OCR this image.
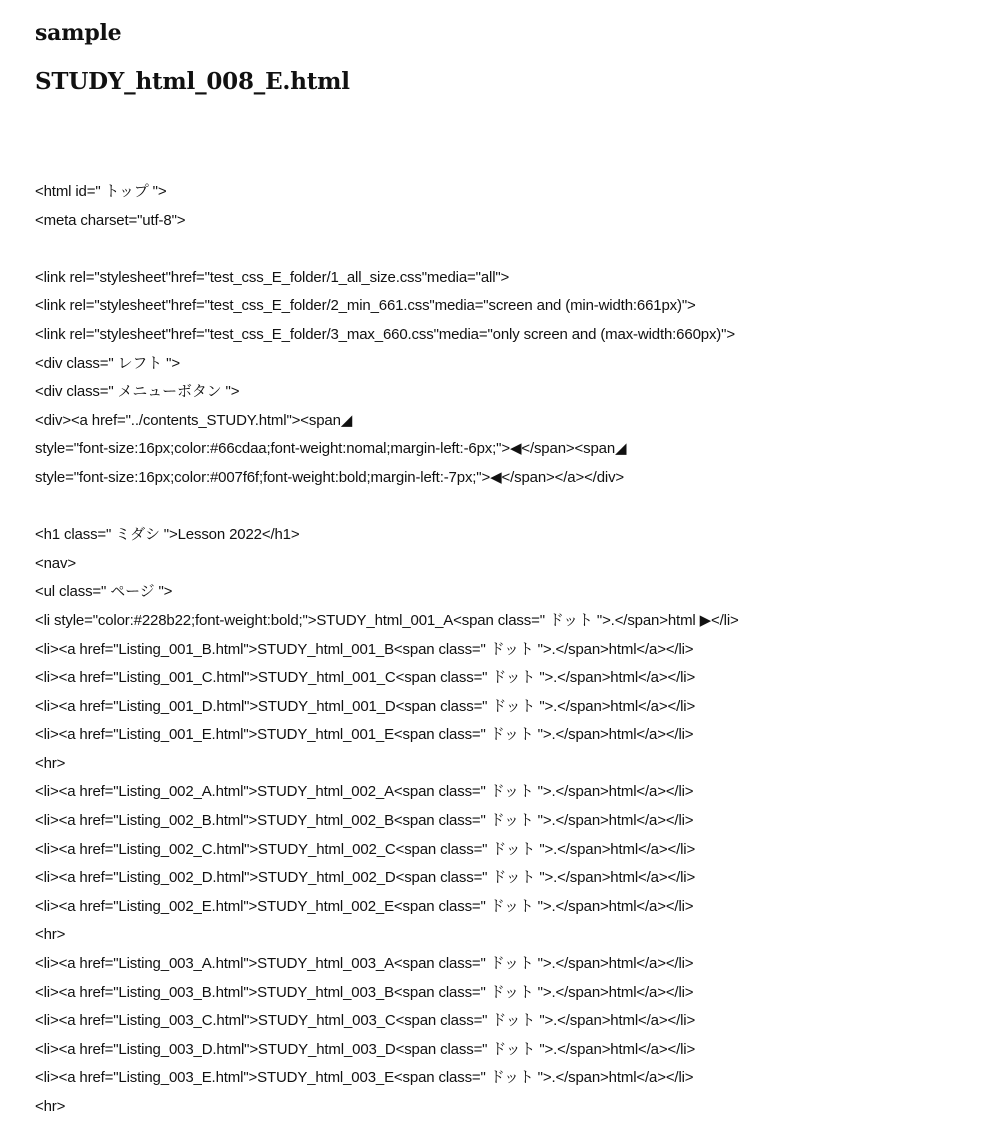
sample
STUDY_html_008_E.html
<html id=" トップ ">
<meta charset="utf-8">
<link rel="stylesheet"href="test_css_E_folder/1_all_size.css"media="all">
<link rel="stylesheet"href="test_css_E_folder/2_min_661.css"media="screen and (min-width:661px)">
<link rel="stylesheet"href="test_css_E_folder/3_max_660.css"media="only screen and (max-width:660px)">
<div class=" レフト ">
<div class=" メニューボタン ">
<div><a href="../contents_STUDY.html"><span◢
style="font-size:16px;color:#66cdaa;font-weight:nomal;margin-left:-6px;">◀</span><span◢
style="font-size:16px;color:#007f6f;font-weight:bold;margin-left:-7px;">◀</span></a></div>
<h1 class=" ミダシ ">Lesson 2022</h1>
<nav>
<ul class=" ページ ">
<li style="color:#228b22;font-weight:bold;">STUDY_html_001_A<span class=" ドット ">.</span>html ▶</li>
<li><a href="Listing_001_B.html">STUDY_html_001_B<span class=" ドット ">.</span>html</a></li>
<li><a href="Listing_001_C.html">STUDY_html_001_C<span class=" ドット ">.</span>html</a></li>
<li><a href="Listing_001_D.html">STUDY_html_001_D<span class=" ドット ">.</span>html</a></li>
<li><a href="Listing_001_E.html">STUDY_html_001_E<span class=" ドット ">.</span>html</a></li>
<hr>
<li><a href="Listing_002_A.html">STUDY_html_002_A<span class=" ドット ">.</span>html</a></li>
<li><a href="Listing_002_B.html">STUDY_html_002_B<span class=" ドット ">.</span>html</a></li>
<li><a href="Listing_002_C.html">STUDY_html_002_C<span class=" ドット ">.</span>html</a></li>
<li><a href="Listing_002_D.html">STUDY_html_002_D<span class=" ドット ">.</span>html</a></li>
<li><a href="Listing_002_E.html">STUDY_html_002_E<span class=" ドット ">.</span>html</a></li>
<hr>
<li><a href="Listing_003_A.html">STUDY_html_003_A<span class=" ドット ">.</span>html</a></li>
<li><a href="Listing_003_B.html">STUDY_html_003_B<span class=" ドット ">.</span>html</a></li>
<li><a href="Listing_003_C.html">STUDY_html_003_C<span class=" ドット ">.</span>html</a></li>
<li><a href="Listing_003_D.html">STUDY_html_003_D<span class=" ドット ">.</span>html</a></li>
<li><a href="Listing_003_E.html">STUDY_html_003_E<span class=" ドット ">.</span>html</a></li>
<hr>
